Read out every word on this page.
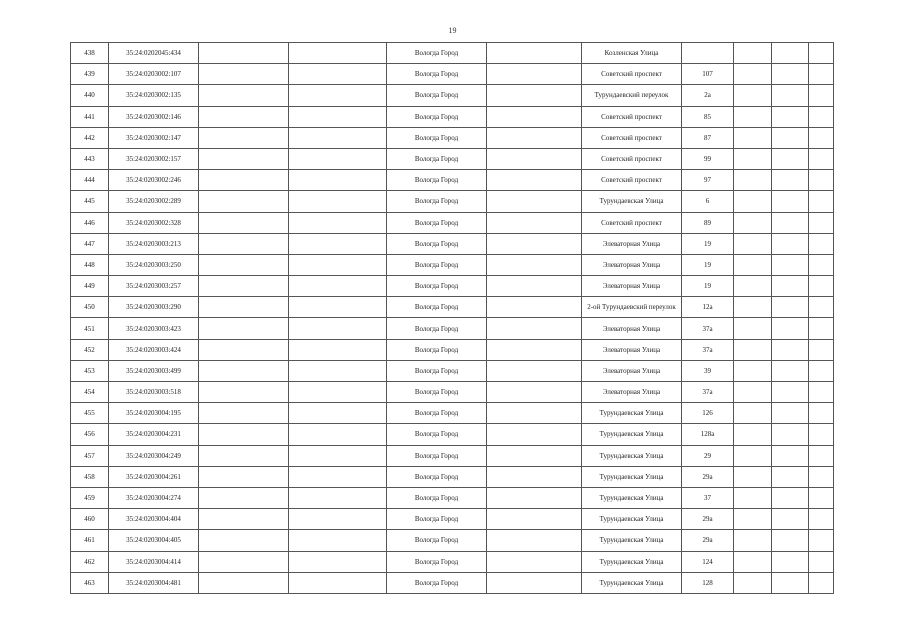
19
438	35:24:0202045:434			Вологда Город		Козленская Улица				
439	35:24:0203002:107			Вологда Город		Советский проспект	107			
440	35:24:0203002:135			Вологда Город		Турундаевский переулок	2а			
441	35:24:0203002:146			Вологда Город		Советский проспект	85			
442	35:24:0203002:147			Вологда Город		Советский проспект	87			
443	35:24:0203002:157			Вологда Город		Советский проспект	99			
444	35:24:0203002:246			Вологда Город		Советский проспект	97			
445	35:24:0203002:289			Вологда Город		Турундаевская Улица	6			
446	35:24:0203002:328			Вологда Город		Советский проспект	89			
447	35:24:0203003:213			Вологда Город		Элеваторная Улица	19			
448	35:24:0203003:250			Вологда Город		Элеваторная Улица	19			
449	35:24:0203003:257			Вологда Город		Элеваторная Улица	19			
450	35:24:0203003:290			Вологда Город		2-ой Турундаевский переулок	12а			
451	35:24:0203003:423			Вологда Город		Элеваторная Улица	37а			
452	35:24:0203003:424			Вологда Город		Элеваторная Улица	37а			
453	35:24:0203003:499			Вологда Город		Элеваторная Улица	39			
454	35:24:0203003:518			Вологда Город		Элеваторная Улица	37а			
455	35:24:0203004:195			Вологда Город		Турундаевская Улица	126			
456	35:24:0203004:231			Вологда Город		Турундаевская Улица	128а			
457	35:24:0203004:249			Вологда Город		Турундаевская Улица	29			
458	35:24:0203004:261			Вологда Город		Турундаевская Улица	29а			
459	35:24:0203004:274			Вологда Город		Турундаевская Улица	37			
460	35:24:0203004:404			Вологда Город		Турундаевская Улица	29а			
461	35:24:0203004:405			Вологда Город		Турундаевская Улица	29а			
462	35:24:0203004:414			Вологда Город		Турундаевская Улица	124			
463	35:24:0203004:481			Вологда Город		Турундаевская Улица	128			
